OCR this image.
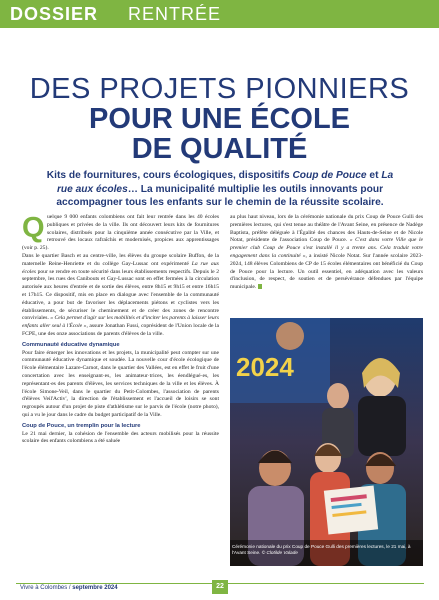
DOSSIER RENTRÉE
DES PROJETS PIONNIERS
POUR UNE ÉCOLE
DE QUALITÉ
Kits de fournitures, cours écologiques, dispositifs Coup de Pouce et La rue aux écoles… La municipalité multiplie les outils innovants pour accompagner tous les enfants sur le chemin de la réussite scolaire.

Quelque 9 000 enfants colombiens ont fait leur rentrée dans les 40 écoles publiques et privées de la ville. Ils ont découvert leurs kits de fournitures scolaires, distribués pour la cinquième année consécutive par la Ville, et retrouvé des locaux rafraîchis et modernisés, propices aux apprentissages (voir p. 25).

Dans le quartier Basch et au centre-ville, les élèves du groupe scolaire Buffon, de la maternelle Reine-Henriette et du collège Gay-Lussac ont expérimenté La rue aux écoles pour se rendre en toute sécurité dans leurs établissements respectifs. Depuis le 2 septembre, les rues des Canibouts et Gay-Lussac sont en effet fermées à la circulation autorisée aux heures d'entrée et de sortie des élèves, entre 8h15 et 9h15 et entre 16h15 et 17h15. Ce dispositif, mis en place en dialogue avec l'ensemble de la communauté éducative, a pour but de favoriser les déplacements piétons et cyclistes vers les établissements, de sécuriser le cheminement et de créer des zones de rencontre conviviales. « Cela permet d'agir sur les mobilités et d'inciter les parents à laisser leurs enfants aller seul à l'École », assure Jonathan Fussi, coprésident de l'Union locale de la FCPE, une des onze associations de parents d'élèves de la ville.

Communauté éducative dynamique

Pour faire émerger les innovations et les projets, la municipalité peut compter sur une communauté éducative dynamique et soudée. La nouvelle cour d'école écologique de l'école élémentaire Lazare-Carnot, dans le quartier des Vallées, est en effet le fruit d'une concertation avec les enseignant·es, les animateur·trices, les éendlégué·es, les représentant·es des parents d'élèves, les services techniques de la ville et les élèves. À l'école Simone-Veil, dans le quartier du Petit-Colombes, l'association de parents d'élèves Veil'Activ', la direction de l'établissement et l'accueil de loisirs se sont regroupés autour d'un projet de piste d'athlétisme sur le parvis de l'école (notre photo), qui a vu le jour dans le cadre du budget participatif de la Ville.

Coup de Pouce, un tremplin pour la lecture

Le 21 mai dernier, la cohésion de l'ensemble des acteurs mobilisés pour la réussite scolaire des enfants colombiens a été saluée

au plus haut niveau, lors de la cérémonie nationale du prix Coup de Pouce Gulli des premières lectures, qui s'est tenue au théâtre de l'Avant Seine, en présence de Nadège Baptista, préfète déléguée à l'Égalité des chances des Hauts-de-Seine et de Nicole Notat, présidente de l'association Coup de Pouce. « C'est dans votre Ville que le premier club Coup de Pouce s'est installé il y a trente ans. Cela traduit votre engagement dans la continuité », a insisté Nicole Notat. Sur l'année scolaire 2023-2024, 148 élèves Colombiens de CP de 15 écoles élémentaires ont bénéficié du Coup de Pouce pour la lecture. Un outil essentiel, en adéquation avec les valeurs d'inclusion, de respect, de soutien et de persévérance défendues par l'équipe municipale.

2024
Cérémonie nationale du prix Coup de Pouce Gulli des premières lectures, le 21 mai, à l'Avant Seine. © Clotilde Valade
Vivre à Colombes / septembre 2024	22
